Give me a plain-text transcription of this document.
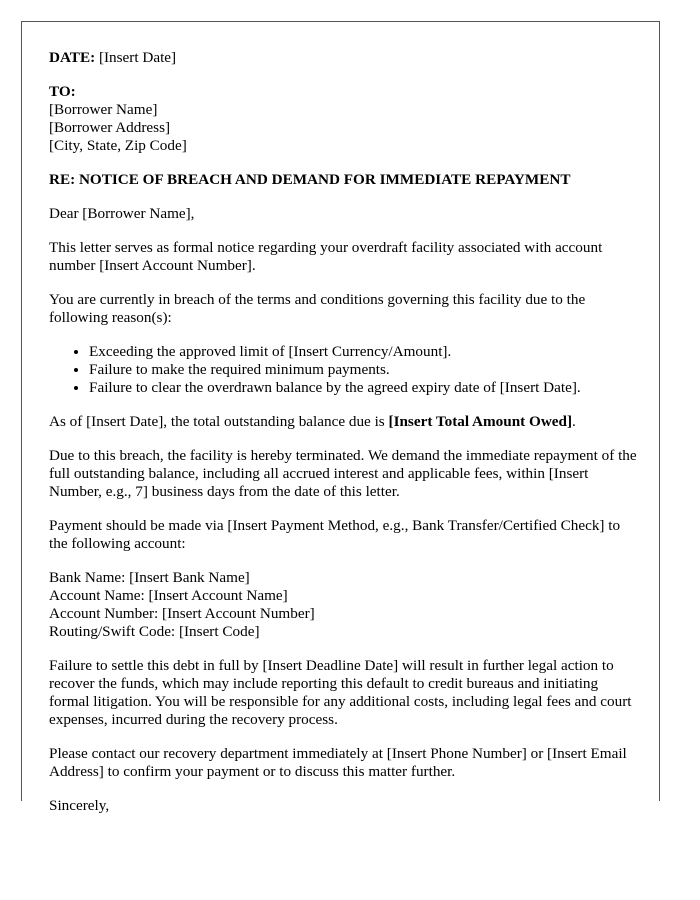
DATE: [Insert Date]

TO:
[Borrower Name]
[Borrower Address]
[City, State, Zip Code]

RE: NOTICE OF BREACH AND DEMAND FOR IMMEDIATE REPAYMENT

Dear [Borrower Name],

This letter serves as formal notice regarding your overdraft facility associated with account number [Insert Account Number].

You are currently in breach of the terms and conditions governing this facility due to the following reason(s):

• Exceeding the approved limit of [Insert Currency/Amount].
• Failure to make the required minimum payments.
• Failure to clear the overdrawn balance by the agreed expiry date of [Insert Date].

As of [Insert Date], the total outstanding balance due is [Insert Total Amount Owed].

Due to this breach, the facility is hereby terminated. We demand the immediate repayment of the full outstanding balance, including all accrued interest and applicable fees, within [Insert Number, e.g., 7] business days from the date of this letter.

Payment should be made via [Insert Payment Method, e.g., Bank Transfer/Certified Check] to the following account:

Bank Name: [Insert Bank Name]
Account Name: [Insert Account Name]
Account Number: [Insert Account Number]
Routing/Swift Code: [Insert Code]

Failure to settle this debt in full by [Insert Deadline Date] will result in further legal action to recover the funds, which may include reporting this default to credit bureaus and initiating formal litigation. You will be responsible for any additional costs, including legal fees and court expenses, incurred during the recovery process.

Please contact our recovery department immediately at [Insert Phone Number] or [Insert Email Address] to confirm your payment or to discuss this matter further.

Sincerely,
